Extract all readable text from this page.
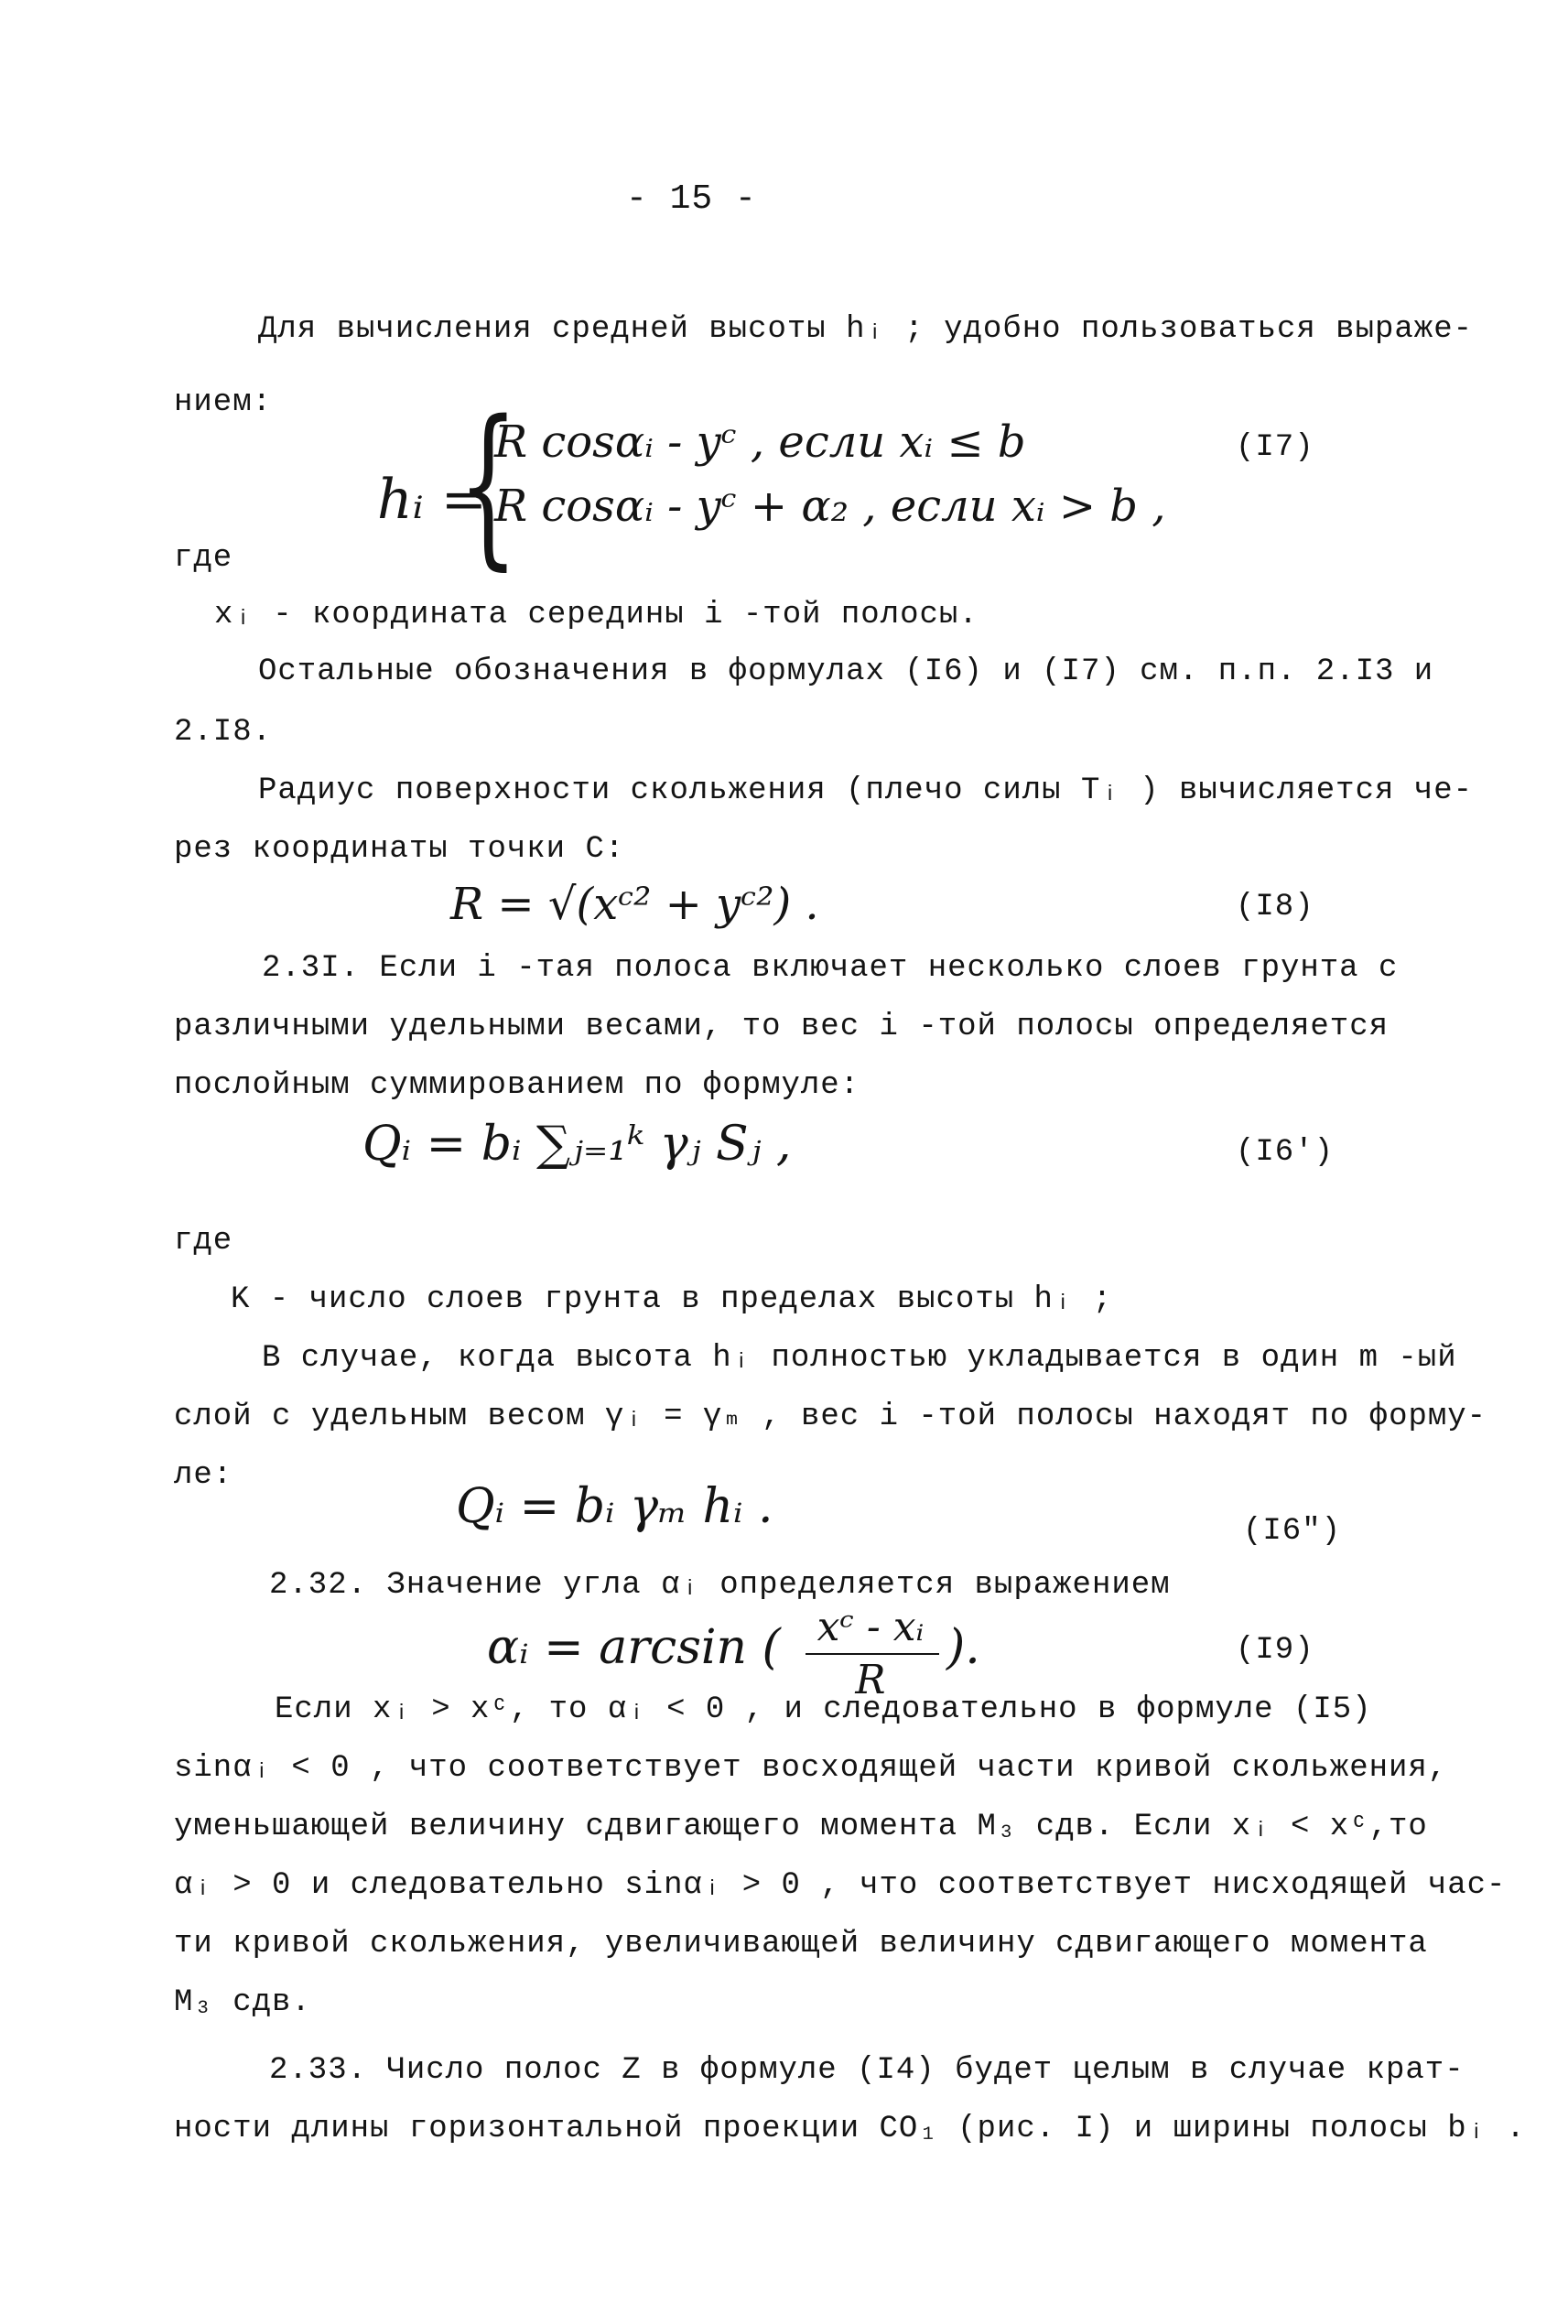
- 15 -
Для вычисления средней высоты hᵢ ; удобно пользоваться выраже-
нием:
hᵢ =
{
R cosαᵢ - yᶜ , если xᵢ ≤ b
R cosαᵢ - yᶜ + α₂ , если xᵢ > b ,
(I7)
где
xᵢ - координата середины i -той полосы.
Остальные обозначения в формулах (I6) и (I7) см. п.п. 2.I3 и
2.I8.
Радиус поверхности скольжения (плечо силы Tᵢ ) вычисляется че-
рез координаты точки С:
R = √(xᶜ² + yᶜ²) .	(I8)
2.3I. Если i -тая полоса включает несколько слоев грунта с
различными удельными весами, то вес i -той полосы определяется
послойным суммированием по формуле:
Qᵢ = bᵢ ∑ⱼ₌₁ᵏ γⱼ Sⱼ ,	(I6')
где
K - число слоев грунта в пределах высоты hᵢ ;
В случае, когда высота hᵢ полностью укладывается в один m -ый
слой с удельным весом γᵢ = γₘ , вес i -той полосы находят по форму-
ле:
Qᵢ = bᵢ γₘ hᵢ .	(I6")
2.32. Значение угла αᵢ определяется выражением
αᵢ = arcsin ( xᶜ - xᵢ
R
).	(I9)
Если xᵢ > xᶜ, то αᵢ < 0 , и следовательно в формуле (I5)
sinαᵢ < 0 , что соответствует восходящей части кривой скольжения,
уменьшающей величину сдвигающего момента M₃ сдв. Если xᵢ < xᶜ,то
αᵢ > 0 и следовательно sinαᵢ > 0 , что соответствует нисходящей час-
ти кривой скольжения, увеличивающей величину сдвигающего момента
M₃ сдв.
2.33. Число полос Z в формуле (I4) будет целым в случае крат-
ности длины горизонтальной проекции CO₁ (рис. I) и ширины полосы bᵢ .
